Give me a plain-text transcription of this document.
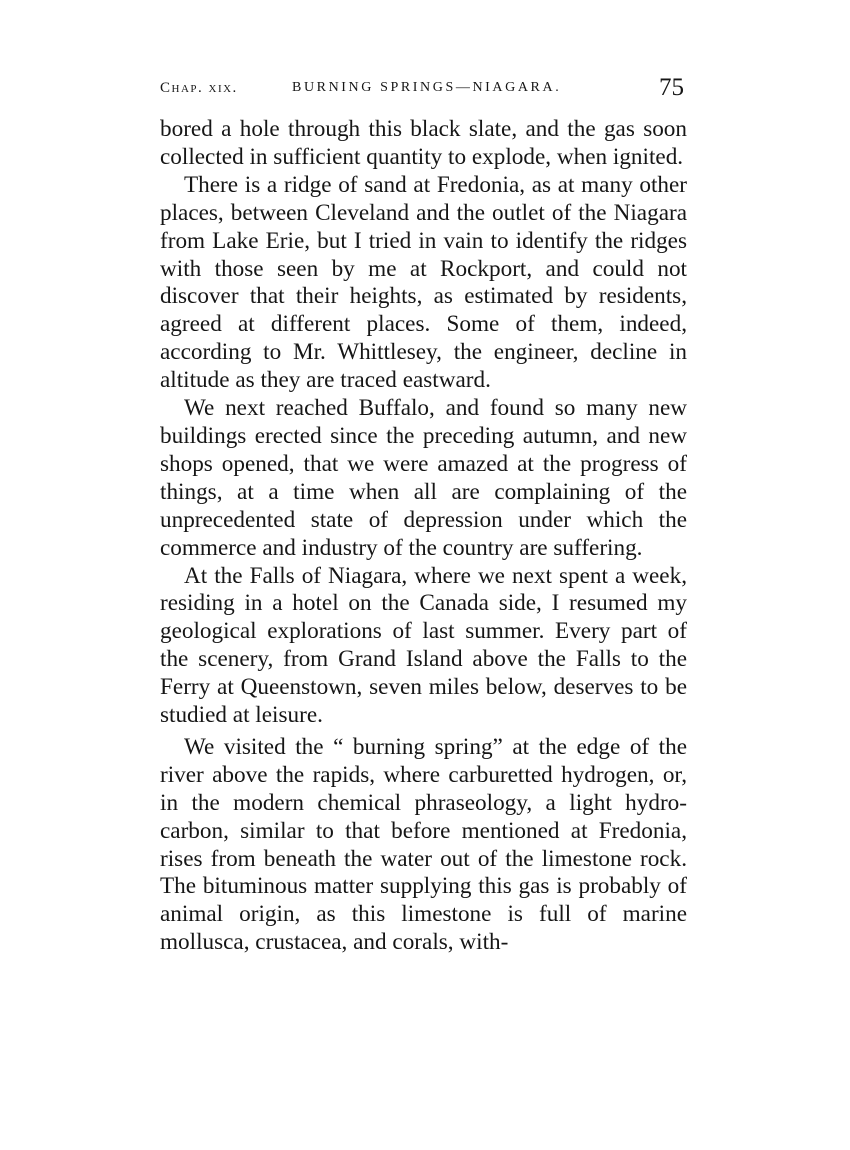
Chap. xix.	BURNING SPRINGS—NIAGARA.	75

bored a hole through this black slate, and the gas soon collected in sufficient quantity to explode, when ignited.

There is a ridge of sand at Fredonia, as at many other places, between Cleveland and the outlet of the Niagara from Lake Erie, but I tried in vain to identify the ridges with those seen by me at Rockport, and could not discover that their heights, as estimated by residents, agreed at different places. Some of them, indeed, according to Mr. Whittlesey, the engineer, decline in altitude as they are traced eastward.

We next reached Buffalo, and found so many new buildings erected since the preceding autumn, and new shops opened, that we were amazed at the progress of things, at a time when all are complaining of the unprecedented state of depression under which the commerce and industry of the country are suffering.

At the Falls of Niagara, where we next spent a week, residing in a hotel on the Canada side, I resumed my geological explorations of last summer. Every part of the scenery, from Grand Island above the Falls to the Ferry at Queenstown, seven miles below, deserves to be studied at leisure.

We visited the “ burning spring” at the edge of the river above the rapids, where carburetted hydrogen, or, in the modern chemical phraseology, a light hydro-carbon, similar to that before mentioned at Fredonia, rises from beneath the water out of the limestone rock. The bituminous matter supplying this gas is probably of animal origin, as this limestone is full of marine mollusca, crustacea, and corals, with-
